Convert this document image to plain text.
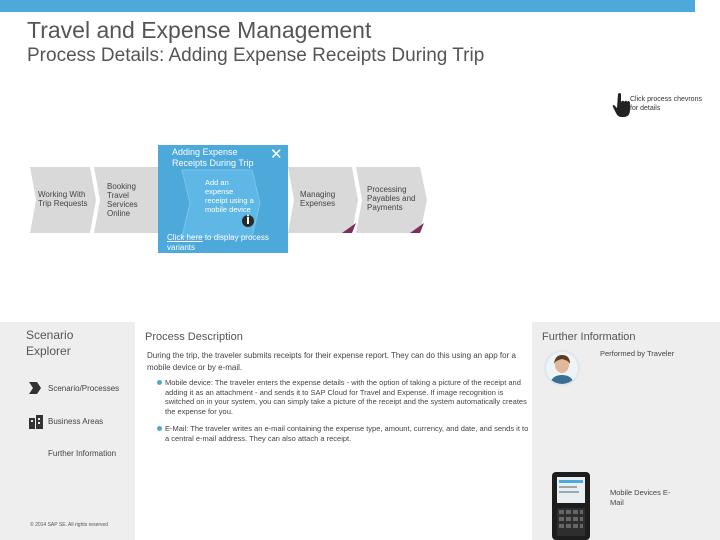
Travel and Expense Management
Process Details: Adding Expense Receipts During Trip
Click process chevrons for details
Working With Trip Requests
Booking Travel Services Online
Managing Expenses
Processing Payables and Payments
Adding Expense Receipts During Trip	✕
Add an expense receipt using a mobile device
Click here to display process variants
Scenario Explorer
Scenario/Processes
Business Areas
Further Information
© 2014 SAP SE. All rights reserved
Process Description
During the trip, the traveler submits receipts for their expense report. They can do this using an app for a mobile device or by e-mail.
Mobile device: The traveler enters the expense details - with the option of taking a picture of the receipt and adding it as an attachment - and sends it to SAP Cloud for Travel and Expense. If image recognition is switched on in your system, you can simply take a picture of the receipt and the system automatically creates the expense for you.
E-Mail: The traveler writes an e-mail containing the expense type, amount, currency, and date, and sends it to a central e-mail address. They can also attach a receipt.
Further Information
Performed by Traveler
Mobile Devices E-Mail
